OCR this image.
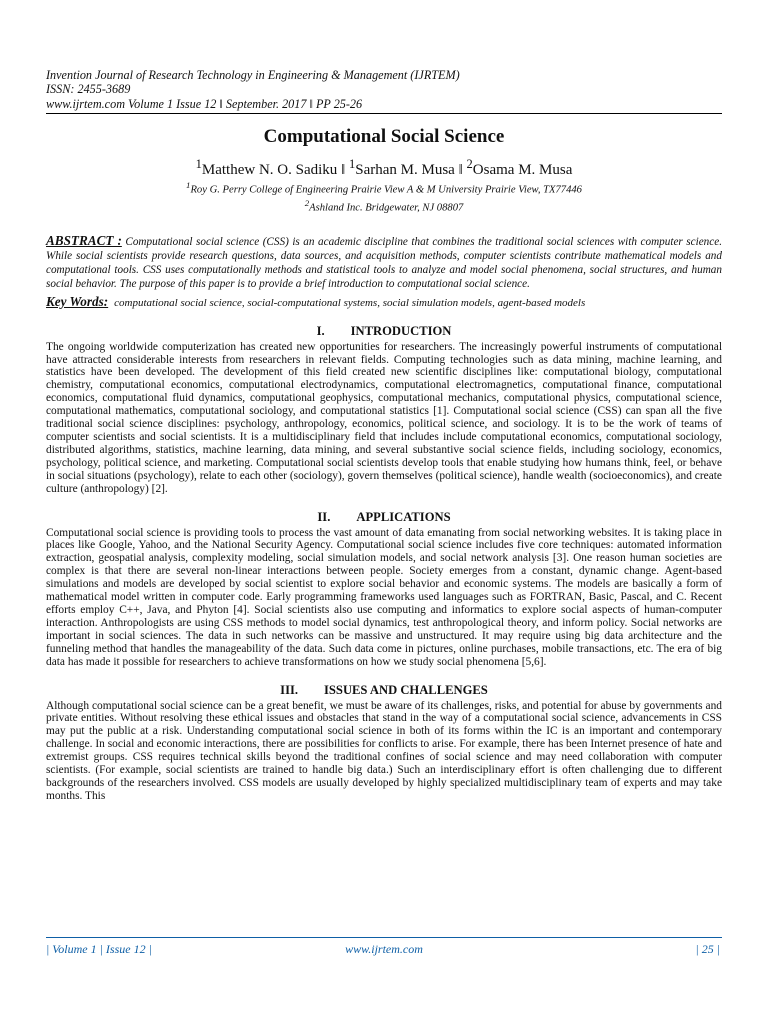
Invention Journal of Research Technology in Engineering & Management (IJRTEM)

ISSN: 2455-3689

www.ijrtem.com Volume 1 Issue 12 ǁ September. 2017 ǁ PP 25-26

Computational Social Science

$^1$Matthew N. O. Sadiku ǁ $^1$Sarhan M. Musa ǁ $^2$Osama M. Musa

$^1$Roy G. Perry College of Engineering Prairie View A & M University Prairie View, TX77446

$^2$Ashland Inc. Bridgewater, NJ 08807

ABSTRACT : Computational social science (CSS) is an academic discipline that combines the traditional social sciences with computer science. While social scientists provide research questions, data sources, and acquisition methods, computer scientists contribute mathematical models and computational tools. CSS uses computationally methods and statistical tools to analyze and model social phenomena, social structures, and human social behavior. The purpose of this paper is to provide a brief introduction to computational social science.

Key Words: computational social science, social-computational systems, social simulation models, agent-based models

I. INTRODUCTION

The ongoing worldwide computerization has created new opportunities for researchers. The increasingly powerful instruments of computational have attracted considerable interests from researchers in relevant fields. Computing technologies such as data mining, machine learning, and statistics have been developed. The development of this field created new scientific disciplines like: computational biology, computational chemistry, computational economics, computational electrodynamics, computational electromagnetics, computational finance, computational economics, computational fluid dynamics, computational geophysics, computational mechanics, computational physics, computational science, computational mathematics, computational sociology, and computational statistics [1]. Computational social science (CSS) can span all the five traditional social science disciplines: psychology, anthropology, economics, political science, and sociology. It is to be the work of teams of computer scientists and social scientists. It is a multidisciplinary field that includes include computational economics, computational sociology, distributed algorithms, statistics, machine learning, data mining, and several substantive social science fields, including sociology, economics, psychology, political science, and marketing. Computational social scientists develop tools that enable studying how humans think, feel, or behave in social situations (psychology), relate to each other (sociology), govern themselves (political science), handle wealth (socioeconomics), and create culture (anthropology) [2].

II. APPLICATIONS

Computational social science is providing tools to process the vast amount of data emanating from social networking websites. It is taking place in places like Google, Yahoo, and the National Security Agency. Computational social science includes five core techniques: automated information extraction, geospatial analysis, complexity modeling, social simulation models, and social network analysis [3]. One reason human societies are complex is that there are several non-linear interactions between people. Society emerges from a constant, dynamic change. Agent-based simulations and models are developed by social scientist to explore social behavior and economic systems. The models are basically a form of mathematical model written in computer code. Early programming frameworks used languages such as FORTRAN, Basic, Pascal, and C. Recent efforts employ C++, Java, and Phyton [4]. Social scientists also use computing and informatics to explore social aspects of human-computer interaction. Anthropologists are using CSS methods to model social dynamics, test anthropological theory, and inform policy. Social networks are important in social sciences. The data in such networks can be massive and unstructured. It may require using big data architecture and the funneling method that handles the manageability of the data. Such data come in pictures, online purchases, mobile transactions, etc. The era of big data has made it possible for researchers to achieve transformations on how we study social phenomena [5,6].

III. ISSUES AND CHALLENGES

Although computational social science can be a great benefit, we must be aware of its challenges, risks, and potential for abuse by governments and private entities. Without resolving these ethical issues and obstacles that stand in the way of a computational social science, advancements in CSS may put the public at a risk. Understanding computational social science in both of its forms within the IC is an important and contemporary challenge. In social and economic interactions, there are possibilities for conflicts to arise. For example, there has been Internet presence of hate and extremist groups. CSS requires technical skills beyond the traditional confines of social science and may need collaboration with computer scientists. (For example, social scientists are trained to handle big data.) Such an interdisciplinary effort is often challenging due to different backgrounds of the researchers involved. CSS models are usually developed by highly specialized multidisciplinary team of experts and may take months. This

| Volume 1 | Issue 12 |	www.ijrtem.com	| 25 |
